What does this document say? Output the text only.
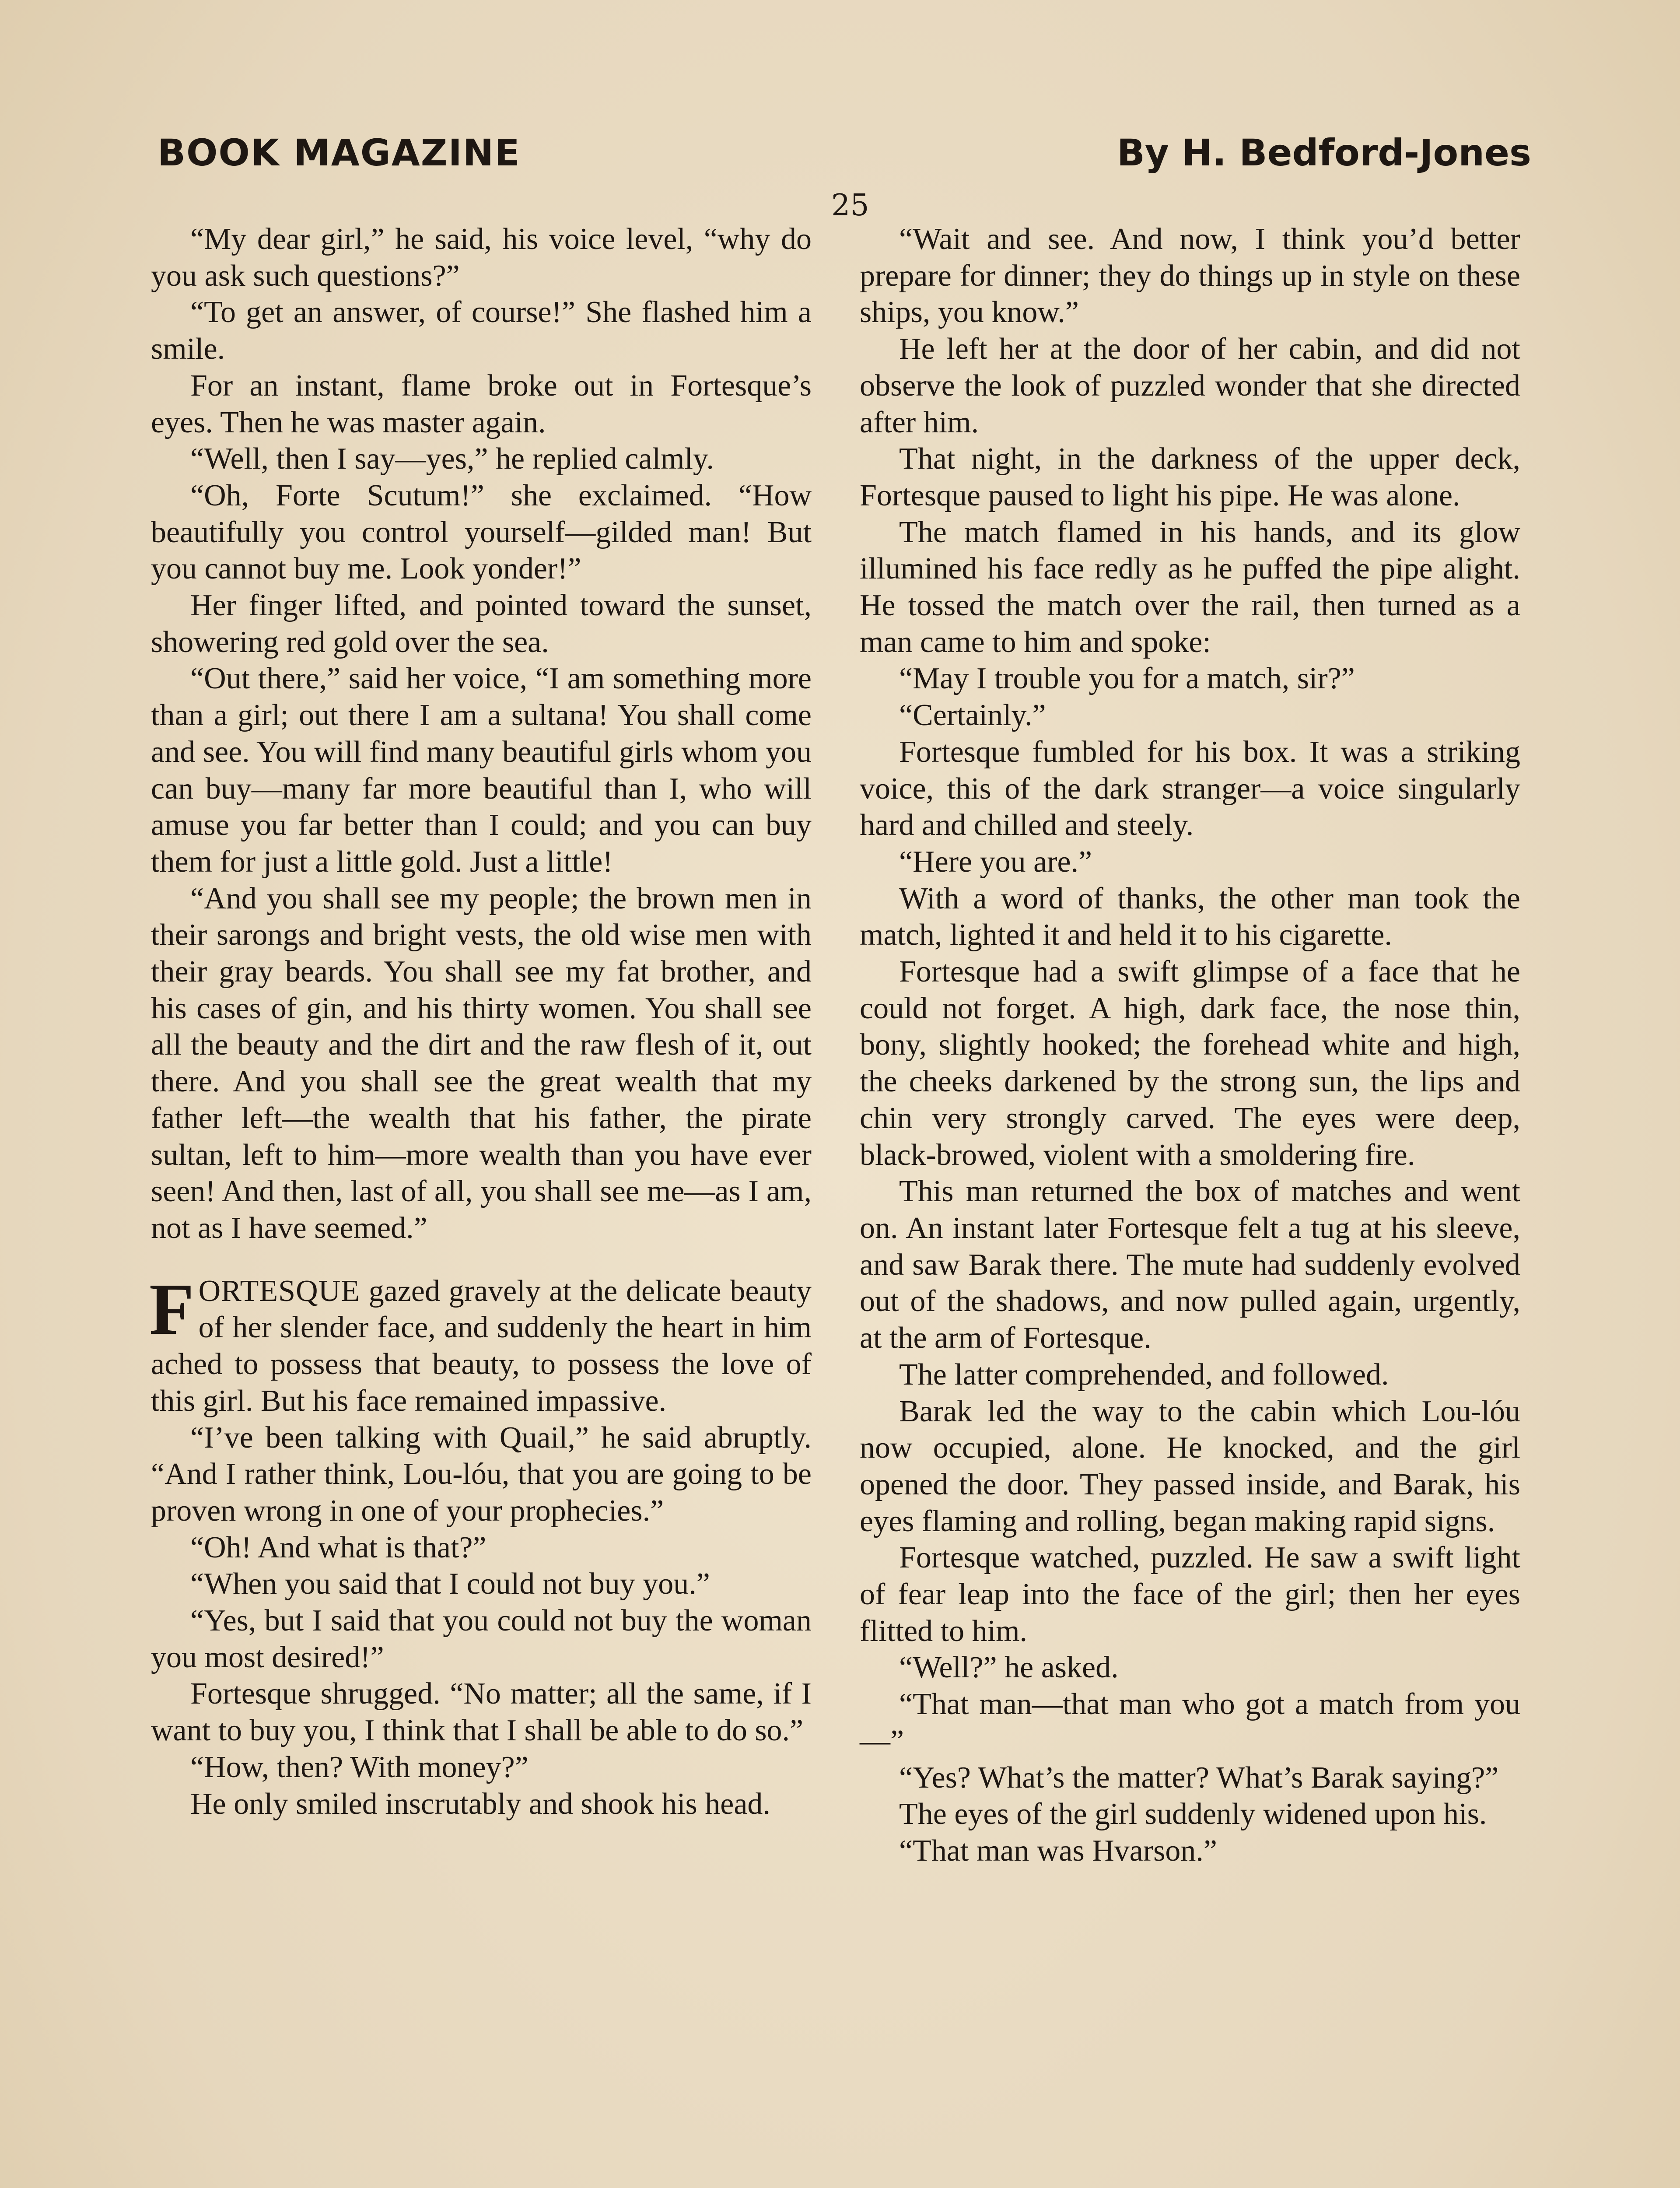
BOOK MAGAZINE	By H. Bedford-Jones
25

“My dear girl,” he said, his voice level, “why do you ask such questions?”

“To get an answer, of course!” She flashed him a smile.

For an instant, flame broke out in Fortesque’s eyes. Then he was master again.

“Well, then I say—yes,” he replied calmly.

“Oh, Forte Scutum!” she exclaimed. “How beautifully you control yourself—gilded man! But you cannot buy me. Look yonder!”

Her finger lifted, and pointed toward the sunset, showering red gold over the sea.

“Out there,” said her voice, “I am something more than a girl; out there I am a sultana! You shall come and see. You will find many beautiful girls whom you can buy—many far more beautiful than I, who will amuse you far better than I could; and you can buy them for just a little gold. Just a little!

“And you shall see my people; the brown men in their sarongs and bright vests, the old wise men with their gray beards. You shall see my fat brother, and his cases of gin, and his thirty women. You shall see all the beauty and the dirt and the raw flesh of it, out there. And you shall see the great wealth that my father left—the wealth that his father, the pirate sultan, left to him—more wealth than you have ever seen! And then, last of all, you shall see me—as I am, not as I have seemed.”

FORTESQUE gazed gravely at the delicate beauty of her slender face, and suddenly the heart in him ached to possess that beauty, to possess the love of this girl. But his face remained impassive.

“I’ve been talking with Quail,” he said abruptly. “And I rather think, Lou-lóu, that you are going to be proven wrong in one of your prophecies.”

“Oh! And what is that?”

“When you said that I could not buy you.”

“Yes, but I said that you could not buy the woman you most desired!”

Fortesque shrugged. “No matter; all the same, if I want to buy you, I think that I shall be able to do so.”

“How, then? With money?”

He only smiled inscrutably and shook his head.

“Wait and see. And now, I think you’d better prepare for dinner; they do things up in style on these ships, you know.”

He left her at the door of her cabin, and did not observe the look of puzzled wonder that she directed after him.

That night, in the darkness of the upper deck, Fortesque paused to light his pipe. He was alone.

The match flamed in his hands, and its glow illumined his face redly as he puffed the pipe alight. He tossed the match over the rail, then turned as a man came to him and spoke:

“May I trouble you for a match, sir?”

“Certainly.”

Fortesque fumbled for his box. It was a striking voice, this of the dark stranger—a voice singularly hard and chilled and steely.

“Here you are.”

With a word of thanks, the other man took the match, lighted it and held it to his cigarette.

Fortesque had a swift glimpse of a face that he could not forget. A high, dark face, the nose thin, bony, slightly hooked; the forehead white and high, the cheeks darkened by the strong sun, the lips and chin very strongly carved. The eyes were deep, black-browed, violent with a smoldering fire.

This man returned the box of matches and went on. An instant later Fortesque felt a tug at his sleeve, and saw Barak there. The mute had suddenly evolved out of the shadows, and now pulled again, urgently, at the arm of Fortesque.

The latter comprehended, and followed.

Barak led the way to the cabin which Lou-lóu now occupied, alone. He knocked, and the girl opened the door. They passed inside, and Barak, his eyes flaming and rolling, began making rapid signs.

Fortesque watched, puzzled. He saw a swift light of fear leap into the face of the girl; then her eyes flitted to him.

“Well?” he asked.

“That man—that man who got a match from you—”

“Yes? What’s the matter? What’s Barak saying?”

The eyes of the girl suddenly widened upon his.

“That man was Hvarson.”
